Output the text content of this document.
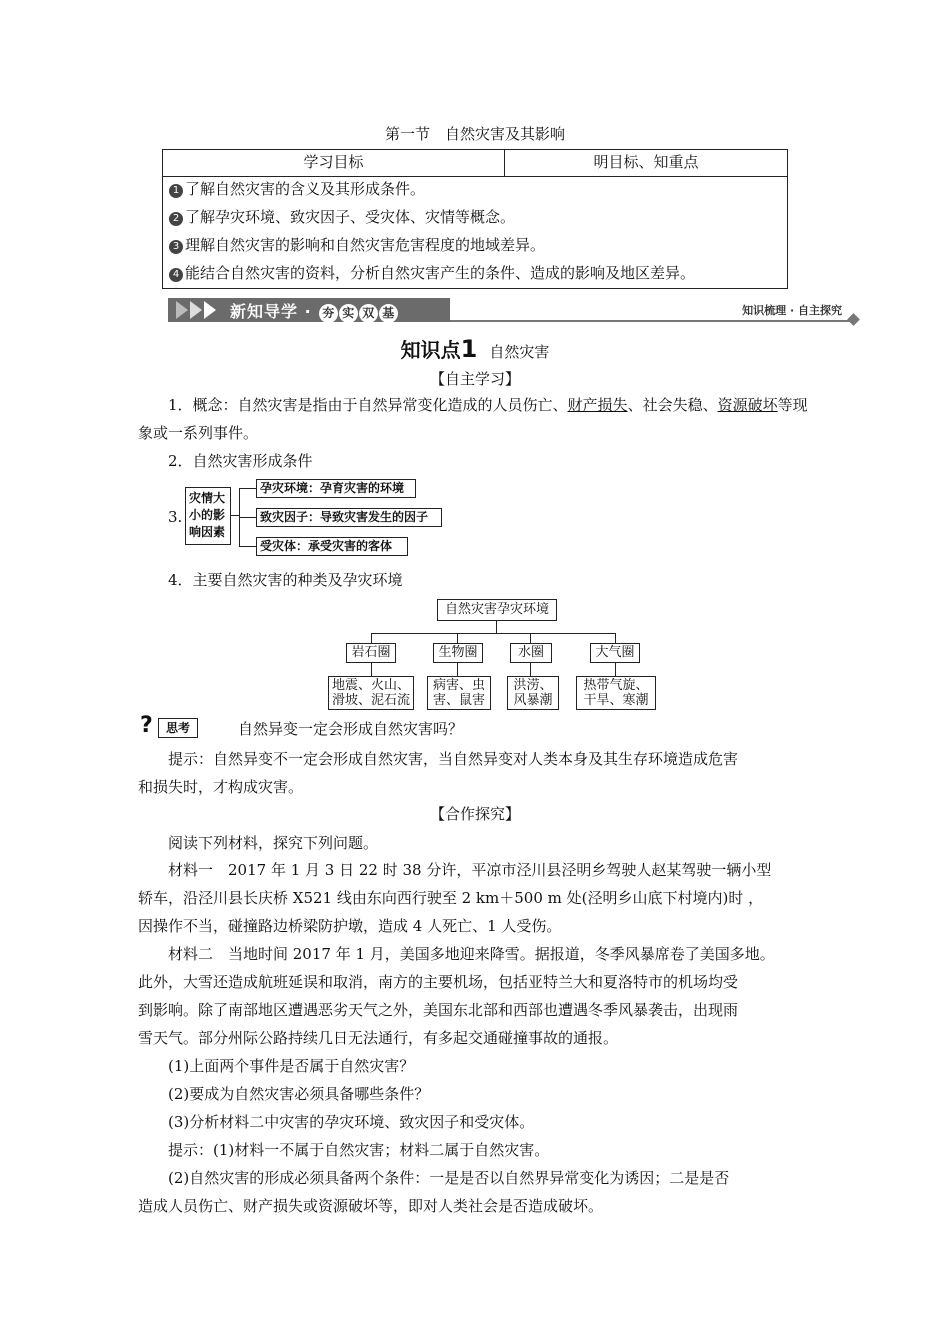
第一节　自然灾害及其影响
学习目标	明目标、知重点
1 了解自然灾害的含义及其形成条件。
2 了解孕灾环境、致灾因子、受灾体、灾情等概念。
3 理解自然灾害的影响和自然灾害危害程度的地域差异。
4 能结合自然灾害的资料，分析自然灾害产生的条件、造成的影响及地区差异。
新知导学 · 夯 实 双 基	知识梳理 · 自主探究
知识点1 自然灾害
【自主学习】
1．概念：自然灾害是指由于自然异常变化造成的人员伤亡、财产损失、社会失稳、资源破坏等现象或一系列事件。
2．自然灾害形成条件
3.
灾情大小的影响因素
孕灾环境：孕育灾害的环境
致灾因子：导致灾害发生的因子
受灾体：承受灾害的客体
4．主要自然灾害的种类及孕灾环境
自然灾害孕灾环境
岩石圈	生物圈	水圈	大气圈
地震、火山、
滑坡、泥石流
病害、虫
害、鼠害
洪涝、
风暴潮
热带气旋、
干旱、寒潮
?	思考	自然异变一定会形成自然灾害吗？
提示：自然异变不一定会形成自然灾害，当自然异变对人类本身及其生存环境造成危害
和损失时，才构成灾害。
【合作探究】
阅读下列材料，探究下列问题。
材料一　2017 年 1 月 3 日 22 时 38 分许，平凉市泾川县泾明乡驾驶人赵某驾驶一辆小型
轿车，沿泾川县长庆桥 X521 线由东向西行驶至 2 km＋500 m 处(泾明乡山底下村境内)时 ，
因操作不当，碰撞路边桥梁防护墩，造成 4 人死亡、1 人受伤。
材料二　当地时间 2017 年 1 月，美国多地迎来降雪。据报道，冬季风暴席卷了美国多地。
此外，大雪还造成航班延误和取消，南方的主要机场，包括亚特兰大和夏洛特市的机场均受
到影响。除了南部地区遭遇恶劣天气之外，美国东北部和西部也遭遇冬季风暴袭击，出现雨
雪天气。部分州际公路持续几日无法通行，有多起交通碰撞事故的通报。
(1)上面两个事件是否属于自然灾害？
(2)要成为自然灾害必须具备哪些条件？
(3)分析材料二中灾害的孕灾环境、致灾因子和受灾体。
提示：(1)材料一不属于自然灾害；材料二属于自然灾害。
(2)自然灾害的形成必须具备两个条件：一是是否以自然界异常变化为诱因；二是是否
造成人员伤亡、财产损失或资源破坏等，即对人类社会是否造成破坏。
